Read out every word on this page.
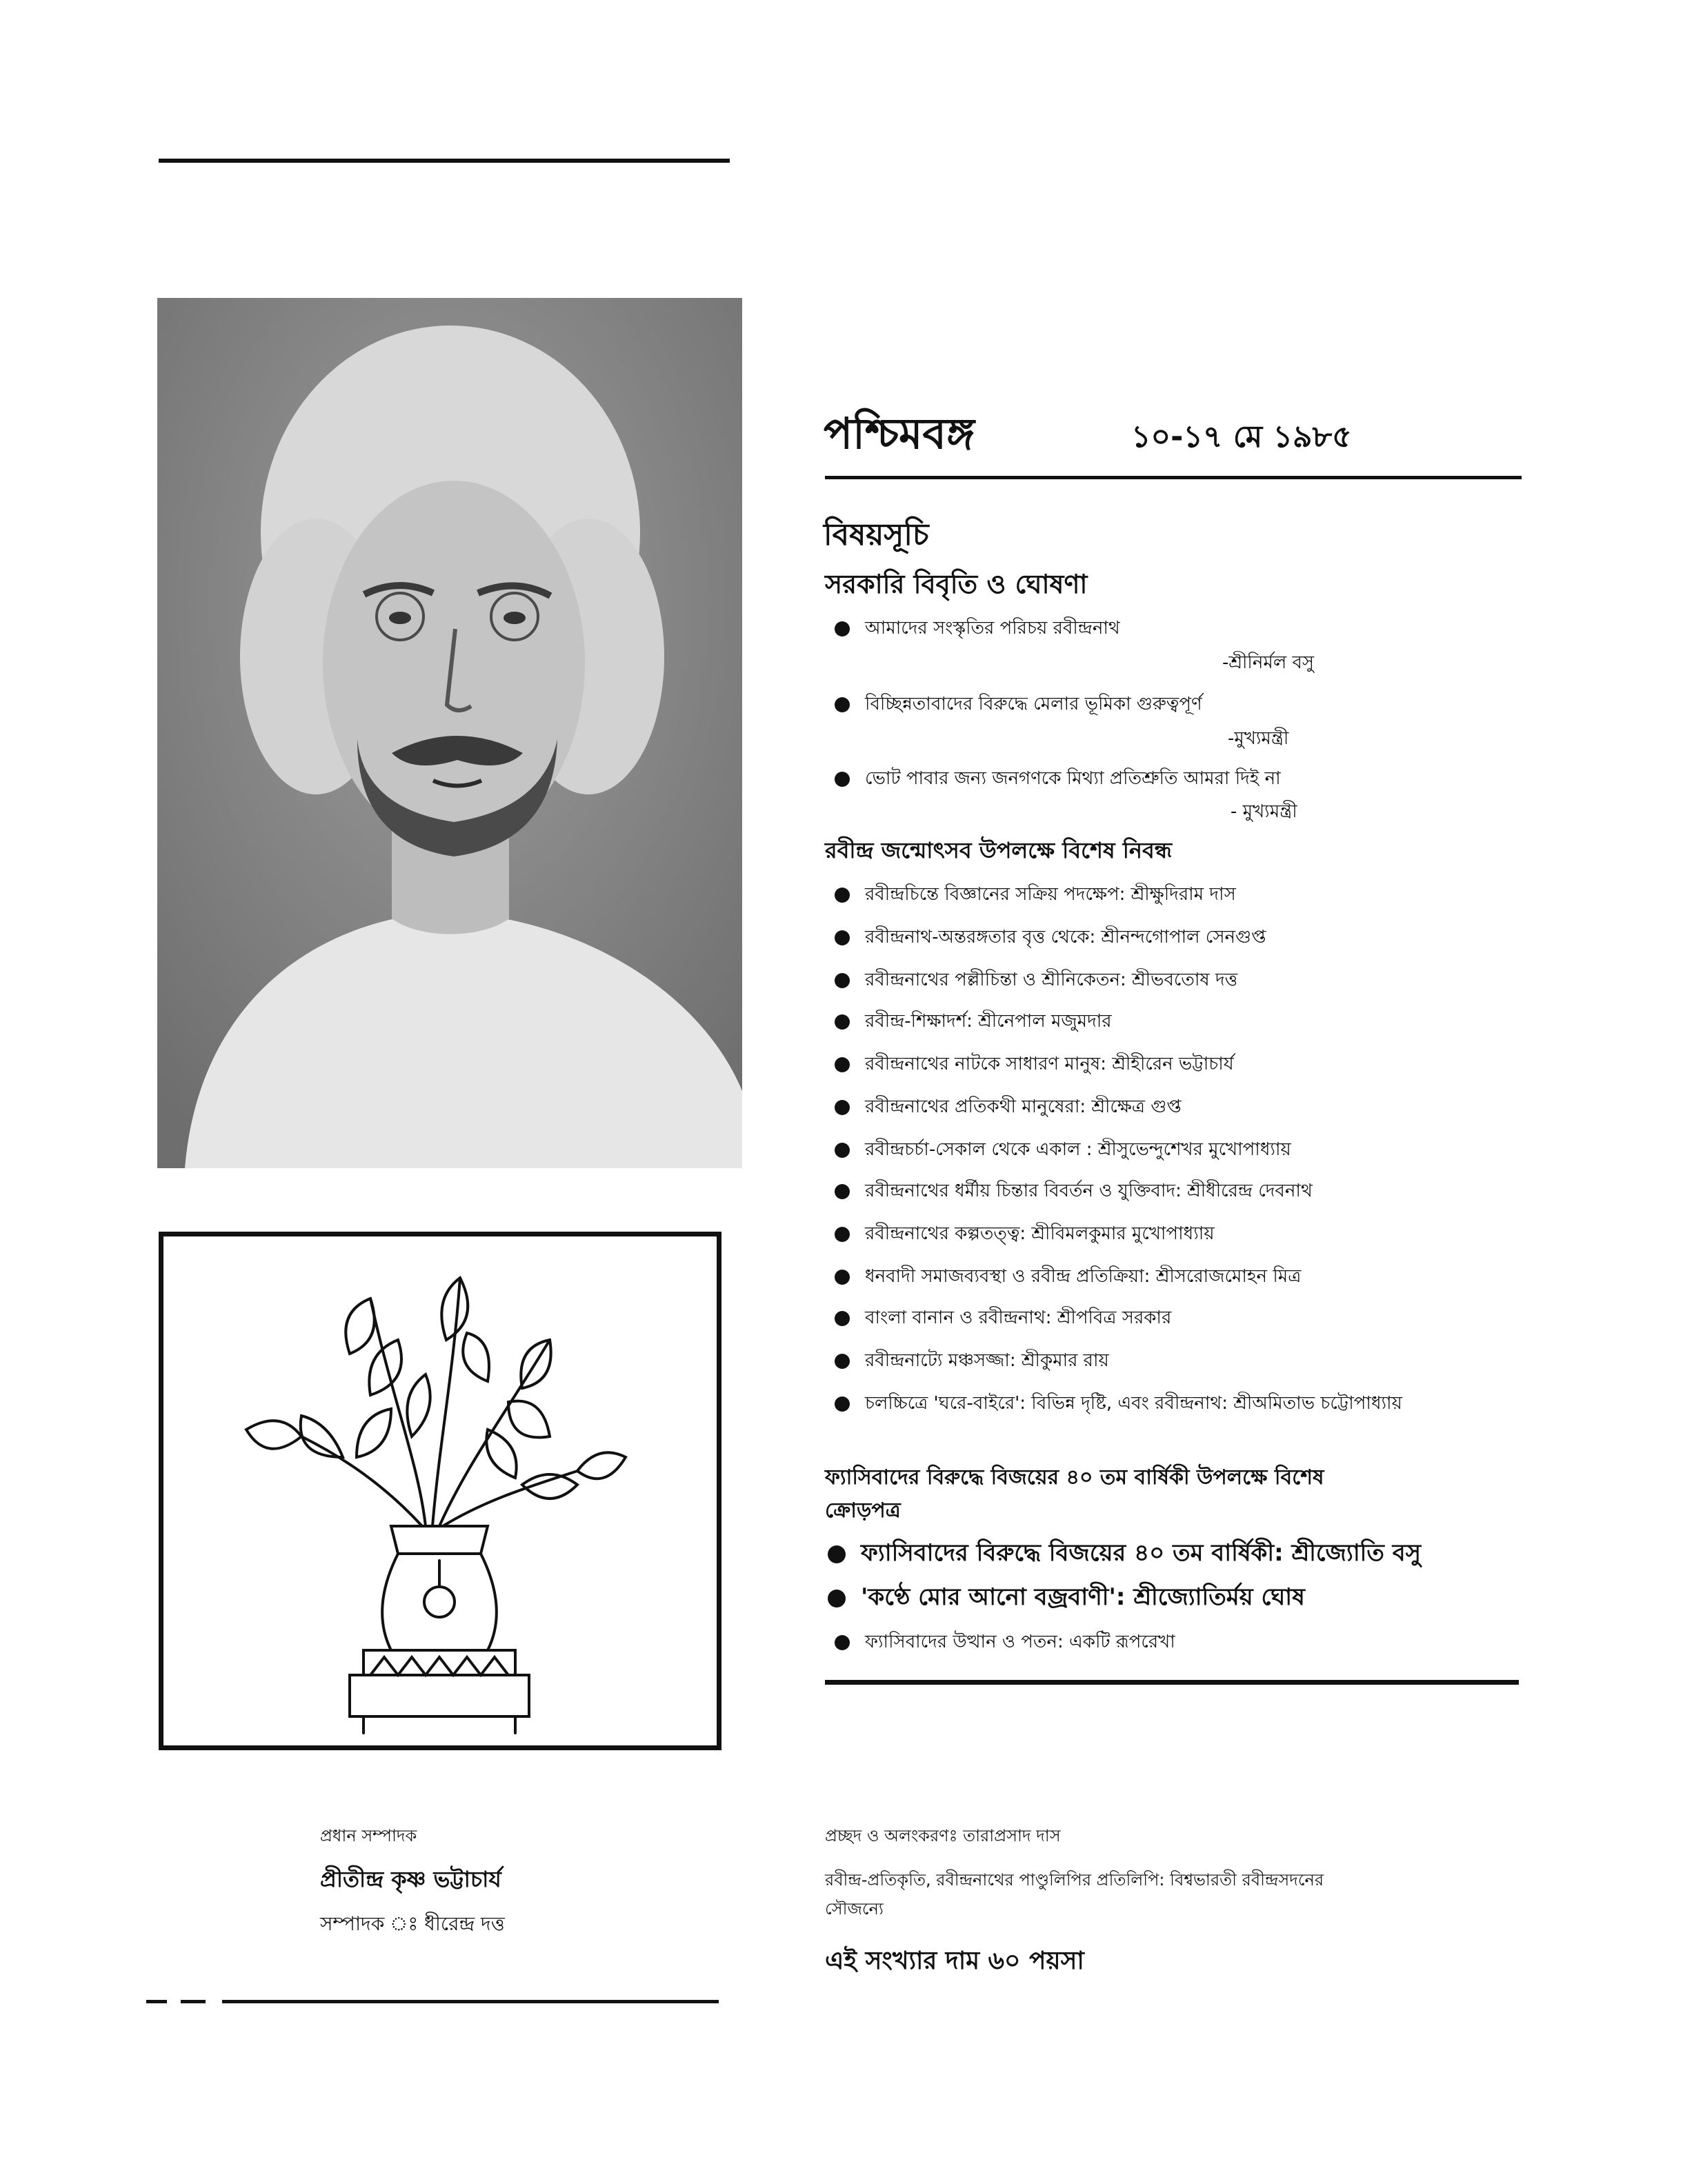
পশ্চিমবঙ্গ	১০-১৭ মে ১৯৮৫
বিষয়সূচি
সরকারি বিবৃতি ও ঘোষণা
আমাদের সংস্কৃতির পরিচয় রবীন্দ্রনাথ
-শ্রীনির্মল বসু
বিচ্ছিন্নতাবাদের বিরুদ্ধে মেলার ভূমিকা গুরুত্বপূর্ণ
-মুখ্যমন্ত্রী
ভোট পাবার জন্য জনগণকে মিথ্যা প্রতিশ্রুতি আমরা দিই না
- মুখ্যমন্ত্রী
রবীন্দ্র জন্মোৎসব উপলক্ষে বিশেষ নিবন্ধ
রবীন্দ্রচিন্তে বিজ্ঞানের সক্রিয় পদক্ষেপ: শ্রীক্ষুদিরাম দাস
রবীন্দ্রনাথ-অন্তরঙ্গতার বৃত্ত থেকে: শ্রীনন্দগোপাল সেনগুপ্ত
রবীন্দ্রনাথের পল্লীচিন্তা ও শ্রীনিকেতন: শ্রীভবতোষ দত্ত
রবীন্দ্র-শিক্ষাদর্শ: শ্রীনেপাল মজুমদার
রবীন্দ্রনাথের নাটকে সাধারণ মানুষ: শ্রীহীরেন ভট্টাচার্য
রবীন্দ্রনাথের প্রতিকথী মানুষেরা: শ্রীক্ষেত্র গুপ্ত
রবীন্দ্রচর্চা-সেকাল থেকে একাল : শ্রীসুভেন্দুশেখর মুখোপাধ্যায়
রবীন্দ্রনাথের ধর্মীয় চিন্তার বিবর্তন ও যুক্তিবাদ: শ্রীধীরেন্দ্র দেবনাথ
রবীন্দ্রনাথের কল্পতত্ত্ব: শ্রীবিমলকুমার মুখোপাধ্যায়
ধনবাদী সমাজব্যবস্থা ও রবীন্দ্র প্রতিক্রিয়া: শ্রীসরোজমোহন মিত্র
বাংলা বানান ও রবীন্দ্রনাথ: শ্রীপবিত্র সরকার
রবীন্দ্রনাট্যে মঞ্চসজ্জা: শ্রীকুমার রায়
চলচ্চিত্রে 'ঘরে-বাইরে': বিভিন্ন দৃষ্টি, এবং রবীন্দ্রনাথ: শ্রীঅমিতাভ চট্টোপাধ্যায়
ফ্যাসিবাদের বিরুদ্ধে বিজয়ের ৪০ তম বার্ষিকী উপলক্ষে বিশেষ
ক্রোড়পত্র
ফ্যাসিবাদের বিরুদ্ধে বিজয়ের ৪০ তম বার্ষিকী: শ্রীজ্যোতি বসু
'কণ্ঠে মোর আনো বজ্রবাণী': শ্রীজ্যোতির্ময় ঘোষ
ফ্যাসিবাদের উত্থান ও পতন: একটি রূপরেখা
প্রধান সম্পাদক
প্রীতীন্দ্র কৃষ্ণ ভট্টাচার্য
সম্পাদক ঃ ধীরেন্দ্র দত্ত
প্রচ্ছদ ও অলংকরণঃ তারাপ্রসাদ দাস
রবীন্দ্র-প্রতিকৃতি, রবীন্দ্রনাথের পাণ্ডুলিপির প্রতিলিপি: বিশ্বভারতী রবীন্দ্রসদনের
সৌজন্যে
এই সংখ্যার দাম ৬০ পয়সা
